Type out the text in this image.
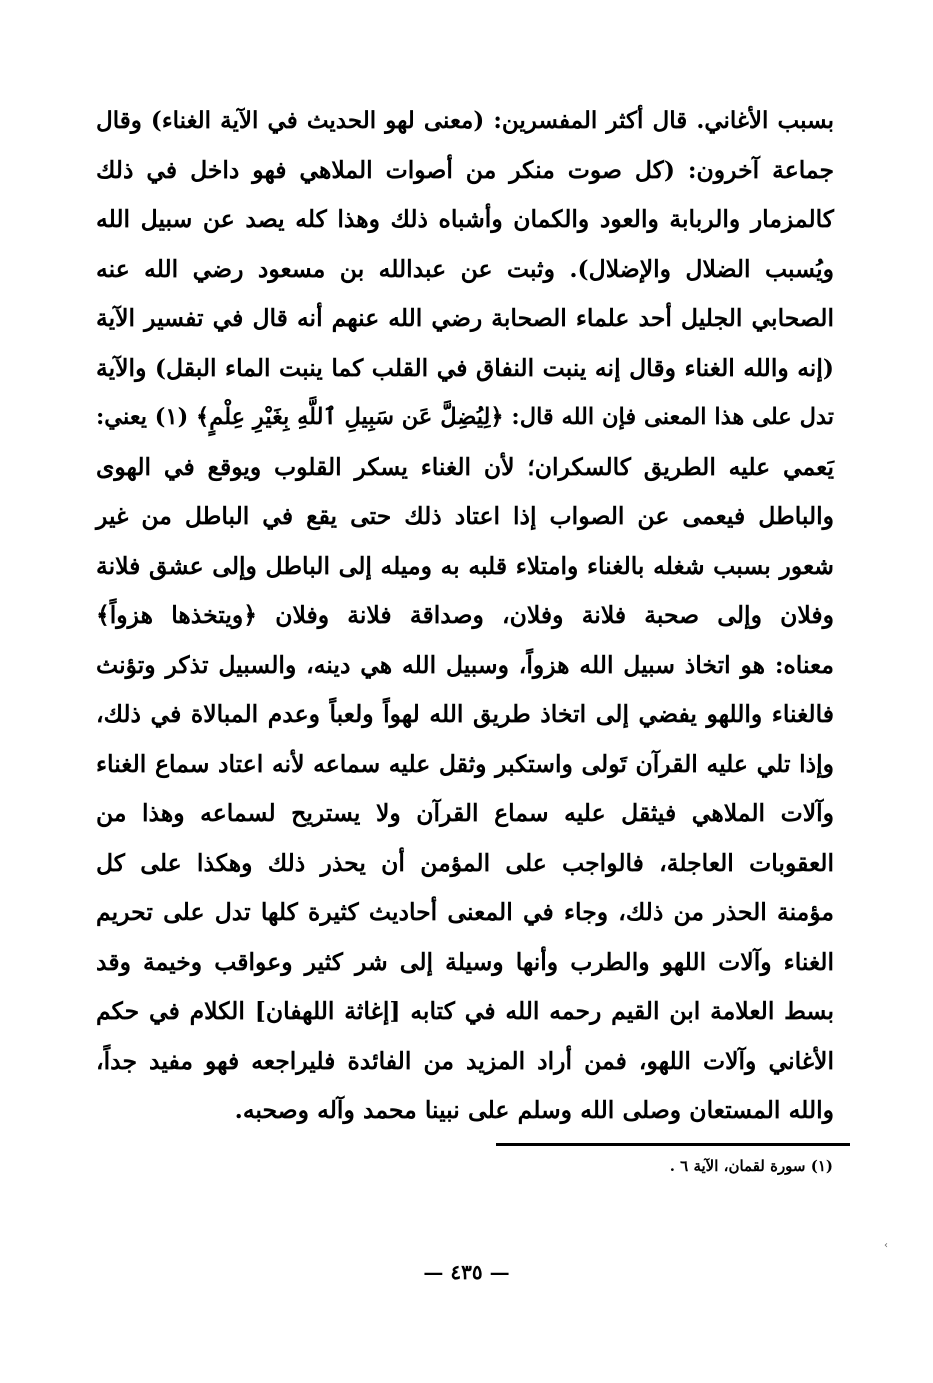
بسبب الأغاني. قال أكثر المفسرين: (معنى لهو الحديث في الآية الغناء) وقال
جماعة آخرون: (كل صوت منكر من أصوات الملاهي فهو داخل في ذلك
كالمزمار والربابة والعود والكمان وأشباه ذلك وهذا كله يصد عن سبيل الله
ويُسبب الضلال والإضلال). وثبت عن عبدالله بن مسعود رضي الله عنه
الصحابي الجليل أحد علماء الصحابة رضي الله عنهم أنه قال في تفسير الآية
(إنه والله الغناء وقال إنه ينبت النفاق في القلب كما ينبت الماء البقل) والآية
تدل على هذا المعنى فإن الله قال: ﴿لِيُضِلَّ عَن سَبِيلِ ٱللَّهِ بِغَيْرِ عِلْمٍ﴾ (١) يعني:
يَعمي عليه الطريق كالسكران؛ لأن الغناء يسكر القلوب ويوقع في الهوى
والباطل فيعمى عن الصواب إذا اعتاد ذلك حتى يقع في الباطل من غير
شعور بسبب شغله بالغناء وامتلاء قلبه به وميله إلى الباطل وإلى عشق فلانة
وفلان وإلى صحبة فلانة وفلان، وصداقة فلانة وفلان ﴿ويتخذها هزواً﴾
معناه: هو اتخاذ سبيل الله هزواً، وسبيل الله هي دينه، والسبيل تذكر وتؤنث
فالغناء واللهو يفضي إلى اتخاذ طريق الله لهواً ولعباً وعدم المبالاة في ذلك،
وإذا تلي عليه القرآن تَولى واستكبر وثقل عليه سماعه لأنه اعتاد سماع الغناء
وآلات الملاهي فيثقل عليه سماع القرآن ولا يستريح لسماعه وهذا من
العقوبات العاجلة، فالواجب على المؤمن أن يحذر ذلك وهكذا على كل
مؤمنة الحذر من ذلك، وجاء في المعنى أحاديث كثيرة كلها تدل على تحريم
الغناء وآلات اللهو والطرب وأنها وسيلة إلى شر كثير وعواقب وخيمة وقد
بسط العلامة ابن القيم رحمه الله في كتابه [إغاثة اللهفان] الكلام في حكم
الأغاني وآلات اللهو، فمن أراد المزيد من الفائدة فليراجعه فهو مفيد جداً،
والله المستعان وصلى الله وسلم على نبينا محمد وآله وصحبه.
(١) سورة لقمان، الآية ٦ .
‹
— ٤٣٥ —
